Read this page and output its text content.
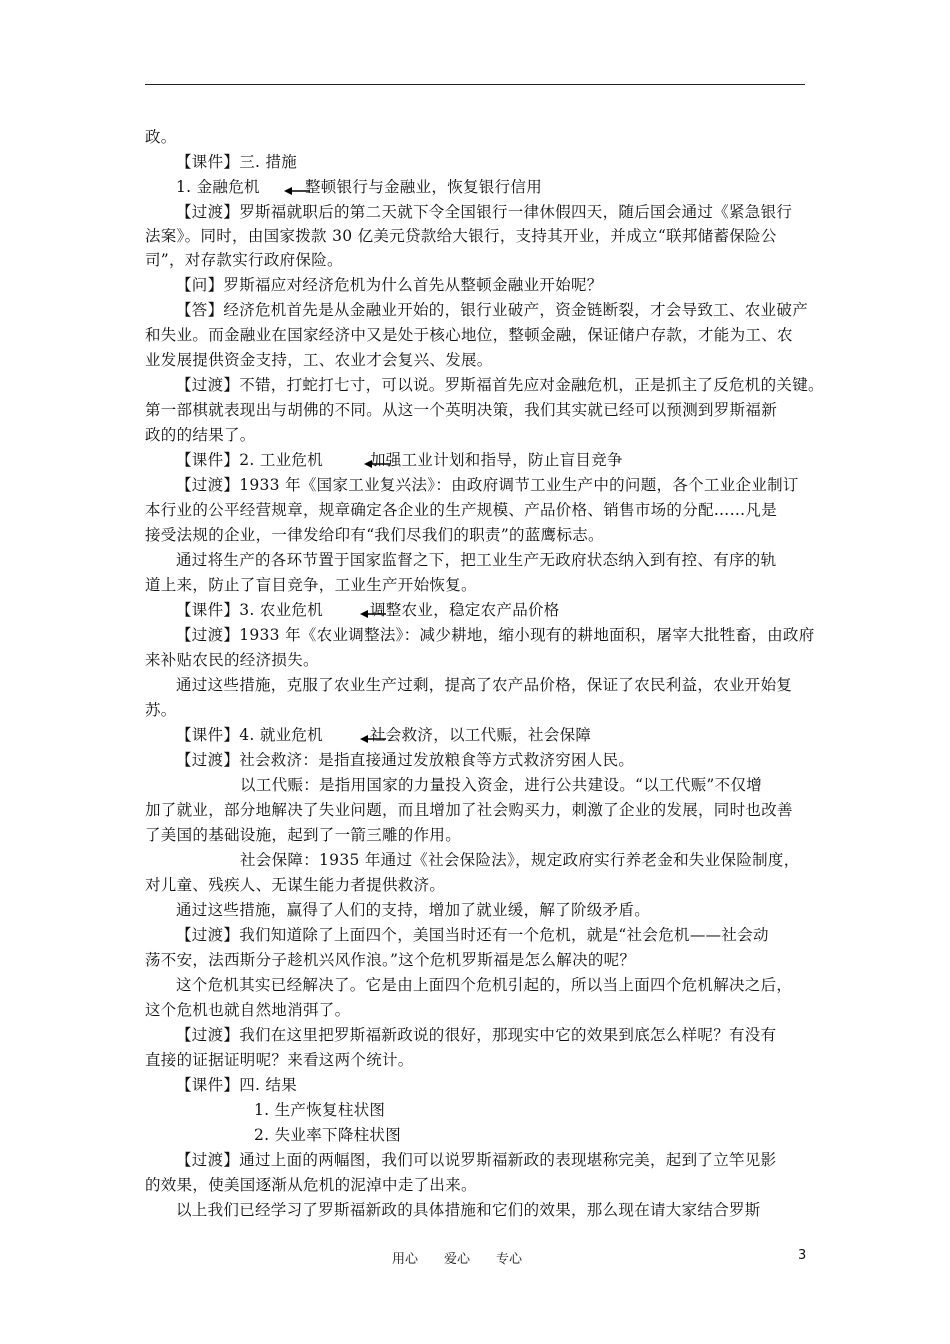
政。
【课件】三. 措施
1. 金融危机	整顿银行与金融业，恢复银行信用
【过渡】罗斯福就职后的第二天就下令全国银行一律休假四天，随后国会通过《紧急银行
法案》。同时，由国家拨款 30 亿美元贷款给大银行，支持其开业，并成立“联邦储蓄保险公
司”，对存款实行政府保险。
【问】罗斯福应对经济危机为什么首先从整顿金融业开始呢？
【答】经济危机首先是从金融业开始的，银行业破产，资金链断裂，才会导致工、农业破产
和失业。而金融业在国家经济中又是处于核心地位，整顿金融，保证储户存款，才能为工、农
业发展提供资金支持，工、农业才会复兴、发展。
【过渡】不错，打蛇打七寸，可以说。罗斯福首先应对金融危机，正是抓主了反危机的关键。
第一部棋就表现出与胡佛的不同。从这一个英明决策，我们其实就已经可以预测到罗斯福新
政的的结果了。
【课件】2. 工业危机	加强工业计划和指导，防止盲目竞争
【过渡】1933 年《国家工业复兴法》：由政府调节工业生产中的问题，各个工业企业制订
本行业的公平经营规章，规章确定各企业的生产规模、产品价格、销售市场的分配……凡是
接受法规的企业，一律发给印有“我们尽我们的职责”的蓝鹰标志。
通过将生产的各环节置于国家监督之下，把工业生产无政府状态纳入到有控、有序的轨
道上来，防止了盲目竞争，工业生产开始恢复。
【课件】3. 农业危机	调整农业，稳定农产品价格
【过渡】1933 年《农业调整法》：减少耕地，缩小现有的耕地面积，屠宰大批牲畜，由政府
来补贴农民的经济损失。
通过这些措施，克服了农业生产过剩，提高了农产品价格，保证了农民利益，农业开始复
苏。
【课件】4. 就业危机	社会救济，以工代赈，社会保障
【过渡】社会救济：是指直接通过发放粮食等方式救济穷困人民。
以工代赈：是指用国家的力量投入资金，进行公共建设。“以工代赈”不仅增
加了就业，部分地解决了失业问题，而且增加了社会购买力，刺激了企业的发展，同时也改善
了美国的基础设施，起到了一箭三雕的作用。
社会保障：1935 年通过《社会保险法》，规定政府实行养老金和失业保险制度，
对儿童、残疾人、无谋生能力者提供救济。
通过这些措施，赢得了人们的支持，增加了就业缓，解了阶级矛盾。
【过渡】我们知道除了上面四个，美国当时还有一个危机，就是“社会危机——社会动
荡不安，法西斯分子趁机兴风作浪。”这个危机罗斯福是怎么解决的呢？
这个危机其实已经解决了。它是由上面四个危机引起的，所以当上面四个危机解决之后，
这个危机也就自然地消弭了。
【过渡】我们在这里把罗斯福新政说的很好，那现实中它的效果到底怎么样呢？有没有
直接的证据证明呢？来看这两个统计。
【课件】四. 结果
1. 生产恢复柱状图
2. 失业率下降柱状图
【过渡】通过上面的两幅图，我们可以说罗斯福新政的表现堪称完美，起到了立竿见影
的效果，使美国逐渐从危机的泥淖中走了出来。
以上我们已经学习了罗斯福新政的具体措施和它们的效果，那么现在请大家结合罗斯
用心　　爱心　　专心	3
